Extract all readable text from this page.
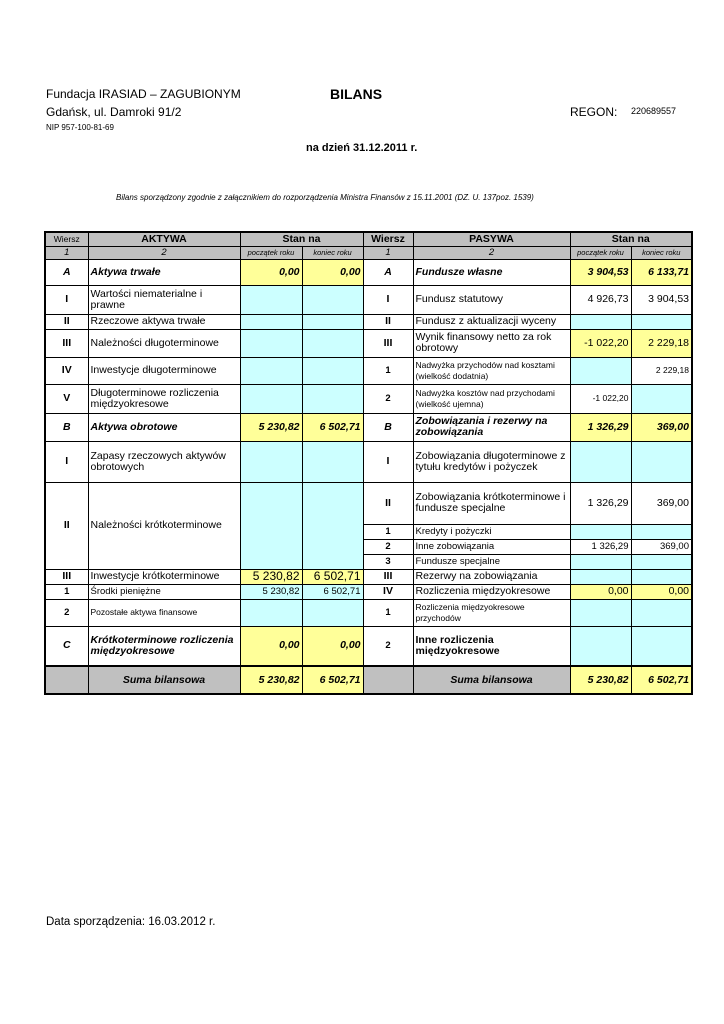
Fundacja IRASIAD – ZAGUBIONYM
Gdańsk, ul. Damroki 91/2
NIP 957-100-81-69
BILANS
REGON: 220689557
na dzień 31.12.2011 r.
Bilans sporządzony zgodnie z załącznikiem do rozporządzenia Ministra Finansów z 15.11.2001 (DZ. U. 137poz. 1539)
Wiersz	AKTYWA	Stan na		Wiersz	PASYWA	Stan na	
1	2	początek roku	koniec roku	1	2	początek roku	koniec roku
A	Aktywa trwałe	0,00	0,00	A	Fundusze własne	3 904,53	6 133,71
I	Wartości niematerialne i prawne			I	Fundusz statutowy	4 926,73	3 904,53
II	Rzeczowe aktywa trwałe			II	Fundusz z aktualizacji wyceny		
III	Należności długoterminowe			III	Wynik finansowy netto za rok obrotowy	-1 022,20	2 229,18
IV	Inwestycje długoterminowe			1	Nadwyżka przychodów nad kosztami (wielkość dodatnia)		2 229,18
V	Długoterminowe rozliczenia międzyokresowe			2	Nadwyżka kosztów nad przychodami (wielkość ujemna)	-1 022,20	
B	Aktywa obrotowe	5 230,82	6 502,71	B	Zobowiązania i rezerwy na zobowiązania	1 326,29	369,00
I	Zapasy rzeczowych aktywów obrotowych			I	Zobowiązania długoterminowe z tytułu kredytów i pożyczek		
II	Należności krótkoterminowe			II	Zobowiązania krótkoterminowe i fundusze specjalne	1 326,29	369,00
				1	Kredyty i pożyczki		
				2	Inne zobowiązania	1 326,29	369,00
				3	Fundusze specjalne		
III	Inwestycje krótkoterminowe	5 230,82	6 502,71	III	Rezerwy na zobowiązania		
1	Środki pieniężne	5 230,82	6 502,71	IV	Rozliczenia międzyokresowe	0,00	0,00
2	Pozostałe aktywa finansowe			1	Rozliczenia międzyokresowe przychodów		
C	Krótkoterminowe rozliczenia międzyokresowe	0,00	0,00	2	Inne rozliczenia międzyokresowe		
	Suma bilansowa	5 230,82	6 502,71		Suma bilansowa	5 230,82	6 502,71
Data sporządzenia: 16.03.2012 r.
